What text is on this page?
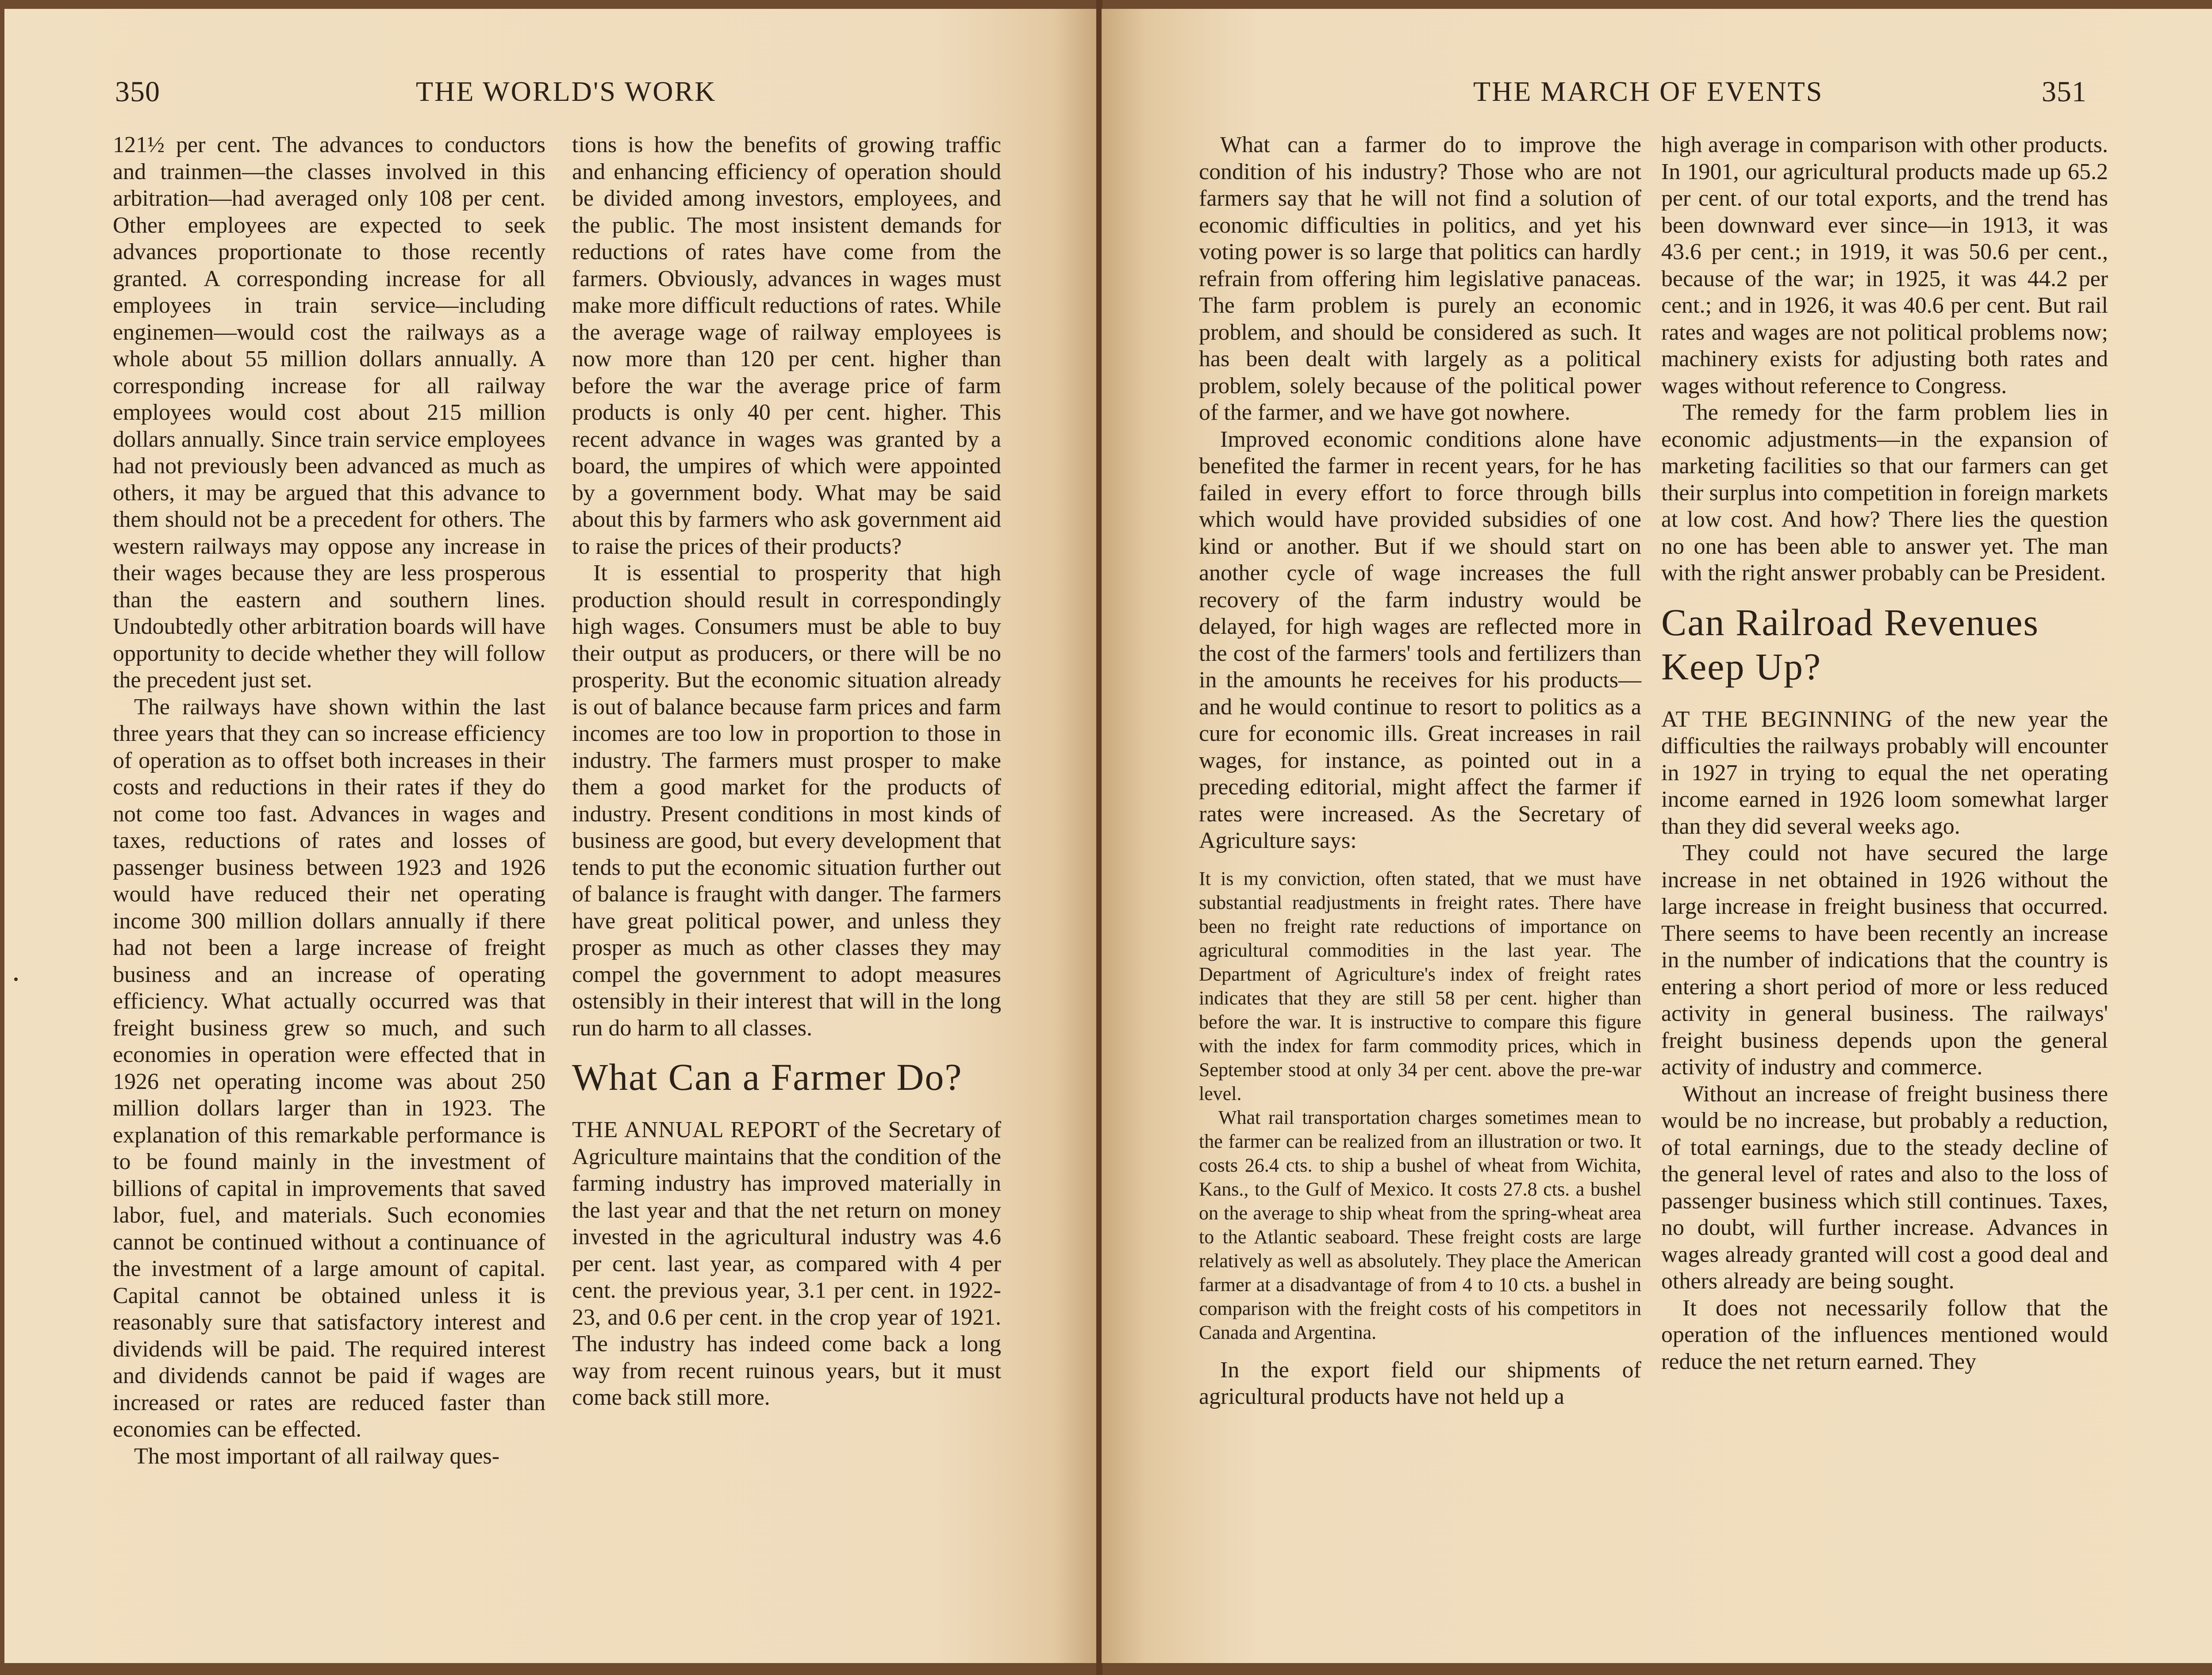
350	THE WORLD'S WORK

121½ per cent. The advances to conductors and trainmen—the classes involved in this arbitration—had averaged only 108 per cent. Other employees are expected to seek advances proportionate to those recently granted. A corresponding increase for all employees in train service—including enginemen—would cost the railways as a whole about 55 million dollars annually. A corresponding increase for all railway employees would cost about 215 million dollars annually. Since train service employees had not previously been advanced as much as others, it may be argued that this advance to them should not be a precedent for others. The western railways may oppose any increase in their wages because they are less prosperous than the eastern and southern lines. Undoubtedly other arbitration boards will have opportunity to decide whether they will follow the precedent just set.

The railways have shown within the last three years that they can so increase efficiency of operation as to offset both increases in their costs and reductions in their rates if they do not come too fast. Advances in wages and taxes, reductions of rates and losses of passenger business between 1923 and 1926 would have reduced their net operating income 300 million dollars annually if there had not been a large increase of freight business and an increase of operating efficiency. What actually occurred was that freight business grew so much, and such economies in operation were effected that in 1926 net operating income was about 250 million dollars larger than in 1923. The explanation of this remarkable performance is to be found mainly in the investment of billions of capital in improvements that saved labor, fuel, and materials. Such economies cannot be continued without a continuance of the investment of a large amount of capital. Capital cannot be obtained unless it is reasonably sure that satisfactory interest and dividends will be paid. The required interest and dividends cannot be paid if wages are increased or rates are reduced faster than economies can be effected.

The most important of all railway ques-

tions is how the benefits of growing traffic and enhancing efficiency of operation should be divided among investors, employees, and the public. The most insistent demands for reductions of rates have come from the farmers. Obviously, advances in wages must make more difficult reductions of rates. While the average wage of railway employees is now more than 120 per cent. higher than before the war the average price of farm products is only 40 per cent. higher. This recent advance in wages was granted by a board, the umpires of which were appointed by a government body. What may be said about this by farmers who ask government aid to raise the prices of their products?

It is essential to prosperity that high production should result in correspondingly high wages. Consumers must be able to buy their output as producers, or there will be no prosperity. But the economic situation already is out of balance because farm prices and farm incomes are too low in proportion to those in industry. The farmers must prosper to make them a good market for the products of industry. Present conditions in most kinds of business are good, but every development that tends to put the economic situation further out of balance is fraught with danger. The farmers have great political power, and unless they prosper as much as other classes they may compel the government to adopt measures ostensibly in their interest that will in the long run do harm to all classes.

What Can a Farmer Do?

THE ANNUAL REPORT of the Secretary of Agriculture maintains that the condition of the farming industry has improved materially in the last year and that the net return on money invested in the agricultural industry was 4.6 per cent. last year, as compared with 4 per cent. the previous year, 3.1 per cent. in 1922-23, and 0.6 per cent. in the crop year of 1921. The industry has indeed come back a long way from recent ruinous years, but it must come back still more.

THE MARCH OF EVENTS	351

What can a farmer do to improve the condition of his industry? Those who are not farmers say that he will not find a solution of economic difficulties in politics, and yet his voting power is so large that politics can hardly refrain from offering him legislative panaceas. The farm problem is purely an economic problem, and should be considered as such. It has been dealt with largely as a political problem, solely because of the political power of the farmer, and we have got nowhere.

Improved economic conditions alone have benefited the farmer in recent years, for he has failed in every effort to force through bills which would have provided subsidies of one kind or another. But if we should start on another cycle of wage increases the full recovery of the farm industry would be delayed, for high wages are reflected more in the cost of the farmers' tools and fertilizers than in the amounts he receives for his products—and he would continue to resort to politics as a cure for economic ills. Great increases in rail wages, for instance, as pointed out in a preceding editorial, might affect the farmer if rates were increased. As the Secretary of Agriculture says:

It is my conviction, often stated, that we must have substantial readjustments in freight rates. There have been no freight rate reductions of importance on agricultural commodities in the last year. The Department of Agriculture's index of freight rates indicates that they are still 58 per cent. higher than before the war. It is instructive to compare this figure with the index for farm commodity prices, which in September stood at only 34 per cent. above the pre-war level.

What rail transportation charges sometimes mean to the farmer can be realized from an illustration or two. It costs 26.4 cts. to ship a bushel of wheat from Wichita, Kans., to the Gulf of Mexico. It costs 27.8 cts. a bushel on the average to ship wheat from the spring-wheat area to the Atlantic seaboard. These freight costs are large relatively as well as absolutely. They place the American farmer at a disadvantage of from 4 to 10 cts. a bushel in comparison with the freight costs of his competitors in Canada and Argentina.

In the export field our shipments of agricultural products have not held up a

high average in comparison with other products. In 1901, our agricultural products made up 65.2 per cent. of our total exports, and the trend has been downward ever since—in 1913, it was 43.6 per cent.; in 1919, it was 50.6 per cent., because of the war; in 1925, it was 44.2 per cent.; and in 1926, it was 40.6 per cent. But rail rates and wages are not political problems now; machinery exists for adjusting both rates and wages without reference to Congress.

The remedy for the farm problem lies in economic adjustments—in the expansion of marketing facilities so that our farmers can get their surplus into competition in foreign markets at low cost. And how? There lies the question no one has been able to answer yet. The man with the right answer probably can be President.

Can Railroad Revenues Keep Up?

AT THE BEGINNING of the new year the difficulties the railways probably will encounter in 1927 in trying to equal the net operating income earned in 1926 loom somewhat larger than they did several weeks ago.

They could not have secured the large increase in net obtained in 1926 without the large increase in freight business that occurred. There seems to have been recently an increase in the number of indications that the country is entering a short period of more or less reduced activity in general business. The railways' freight business depends upon the general activity of industry and commerce.

Without an increase of freight business there would be no increase, but probably a reduction, of total earnings, due to the steady decline of the general level of rates and also to the loss of passenger business which still continues. Taxes, no doubt, will further increase. Advances in wages already granted will cost a good deal and others already are being sought.

It does not necessarily follow that the operation of the influences mentioned would reduce the net return earned. They
